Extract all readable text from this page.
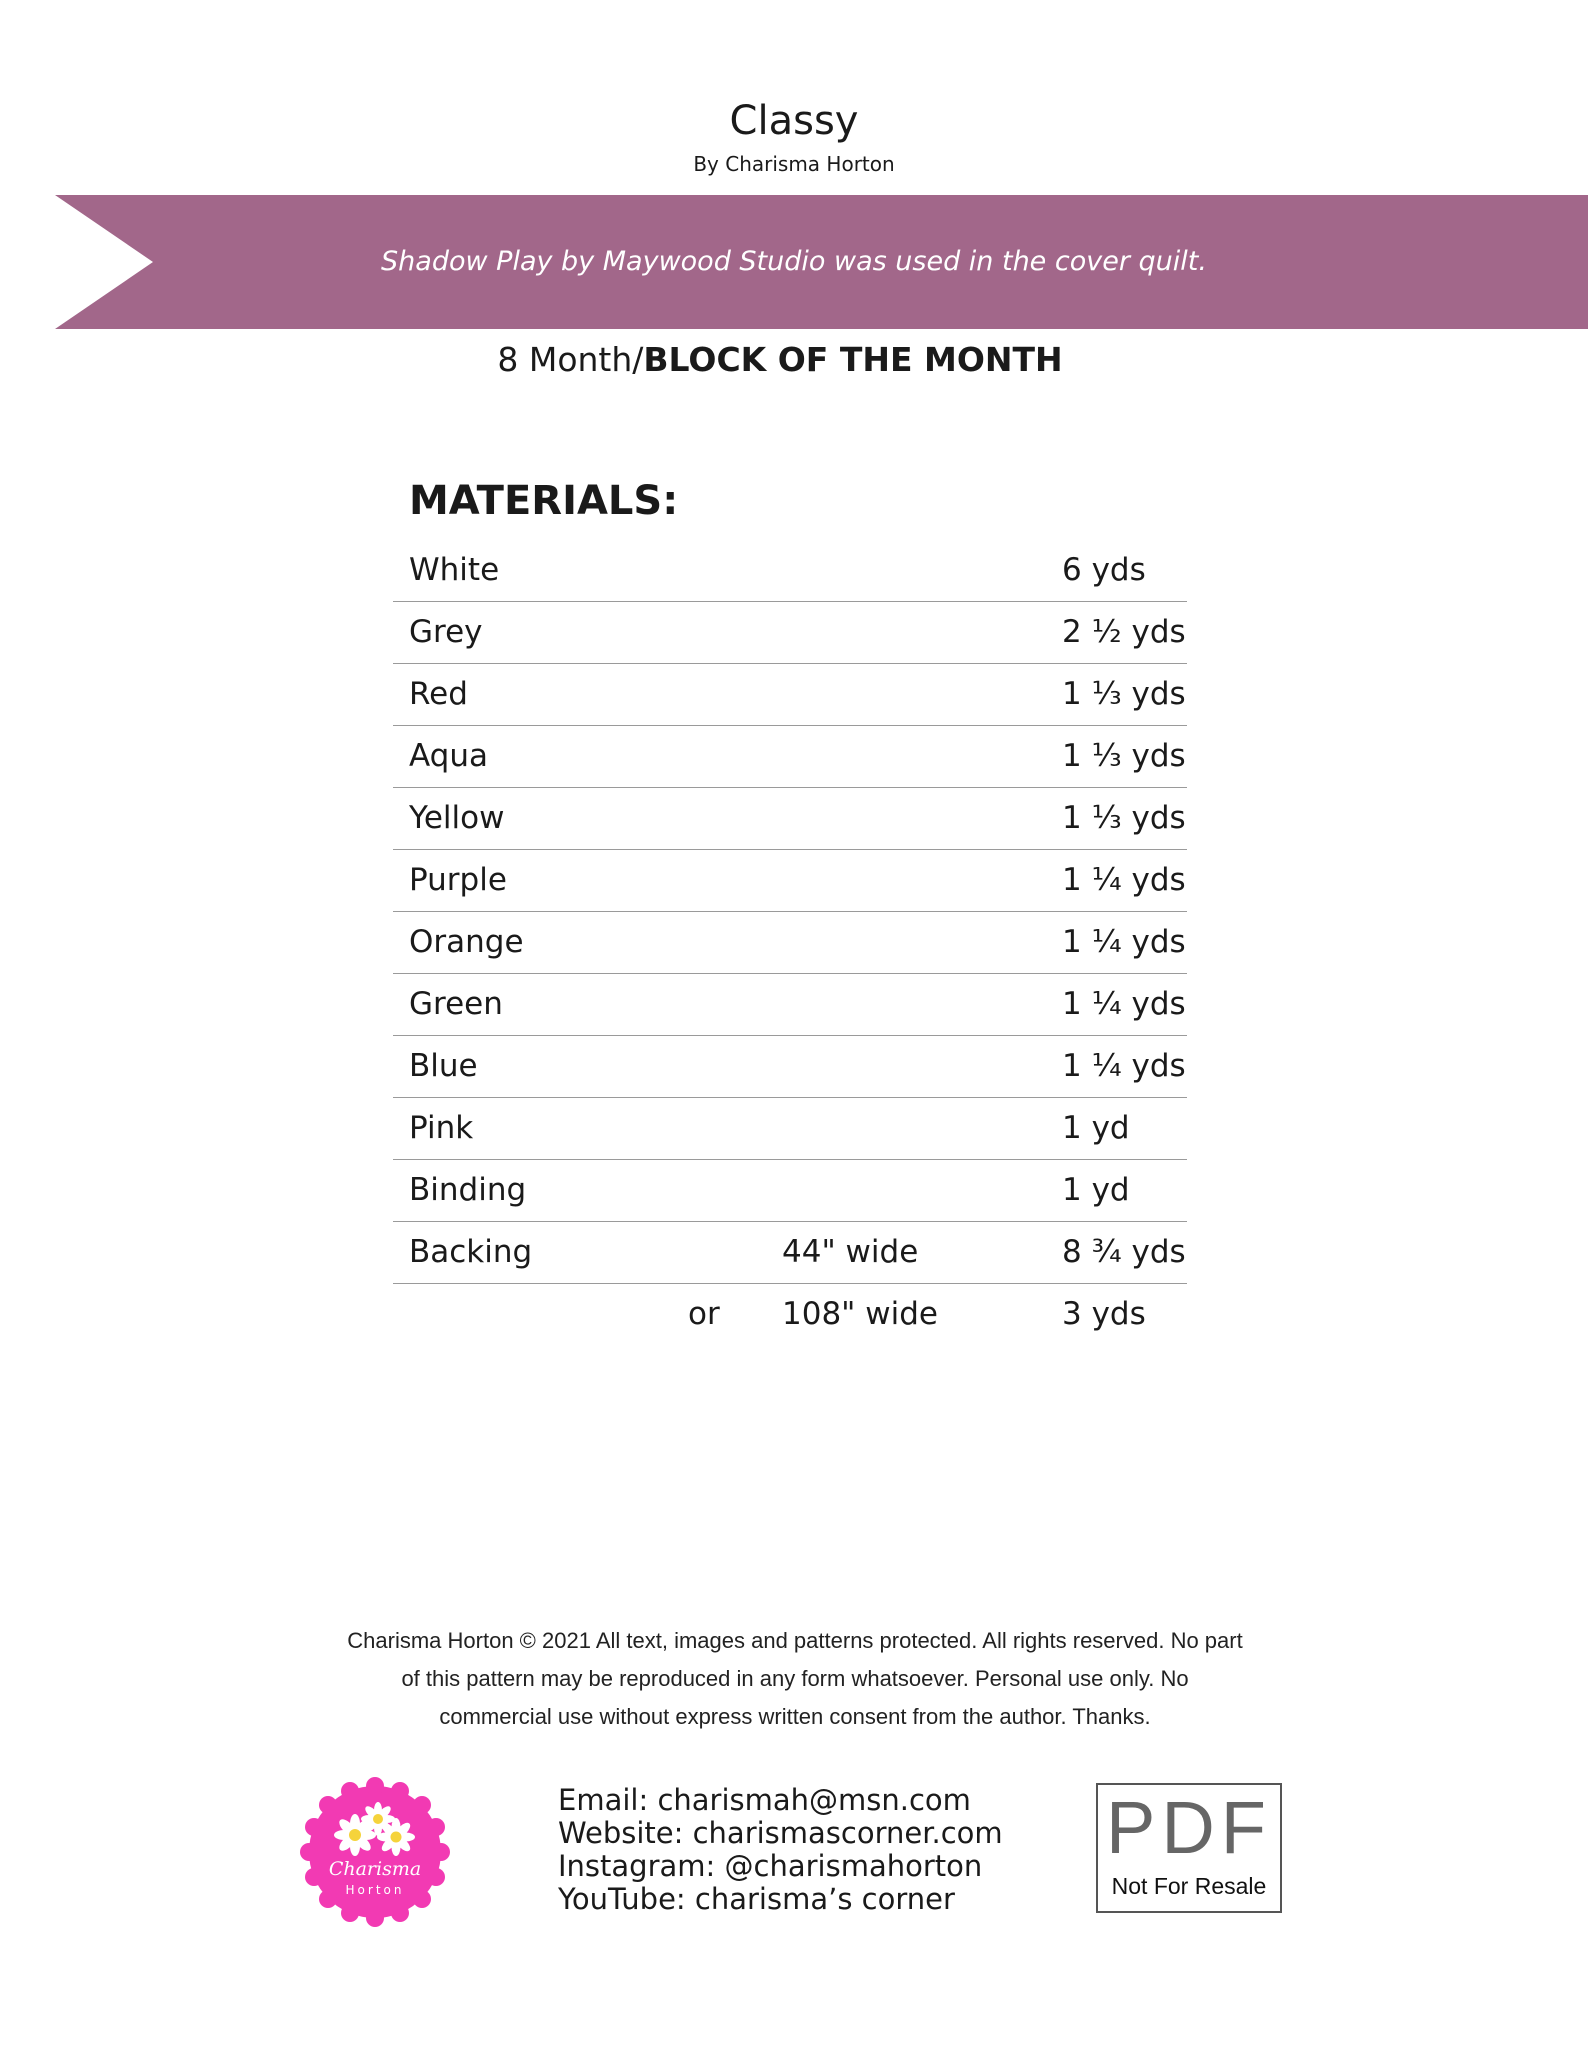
Classy
By Charisma Horton
Shadow Play by Maywood Studio was used in the cover quilt.
8 Month/BLOCK OF THE MONTH
MATERIALS:
White	6 yds
Grey	2 ½ yds
Red	1 ⅓ yds
Aqua	1 ⅓ yds
Yellow	1 ⅓ yds
Purple	1 ¼ yds
Orange	1 ¼ yds
Green	1 ¼ yds
Blue	1 ¼ yds
Pink	1 yd
Binding	1 yd
Backing	44" wide	8 ¾ yds
or 108" wide	3 yds
Charisma Horton © 2021 All text, images and patterns protected. All rights reserved. No part
of this pattern may be reproduced in any form whatsoever. Personal use only. No
commercial use without express written consent from the author. Thanks.
Charisma
Horton
Email: charismah@msn.com
Website: charismascorner.com
Instagram: @charismahorton
YouTube: charisma’s corner
PDF
Not For Resale
